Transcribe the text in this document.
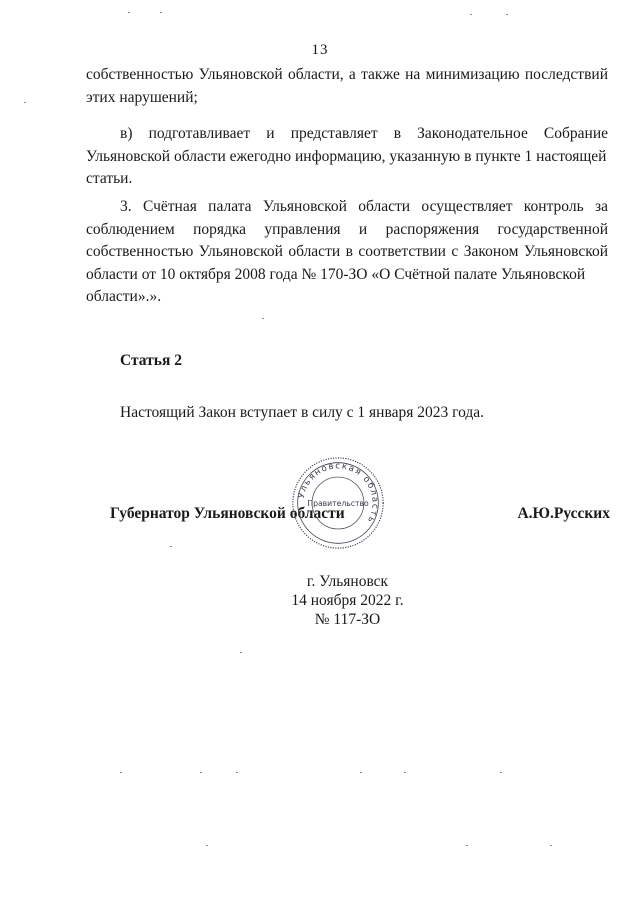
13
собственностью Ульяновской области, а также на минимизацию последствий этих нарушений;
в) подготавливает и представляет в Законодательное Собрание Ульяновской области ежегодно информацию, указанную в пункте 1 настоящей
статьи.
3. Счётная палата Ульяновской области осуществляет контроль за соблюдением порядка управления и распоряжения государственной собственностью Ульяновской области в соответствии с Законом Ульяновской области от 10 октября 2008 года № 170-ЗО «О Счётной палате Ульяновской
области».».
Статья 2
Настоящий Закон вступает в силу с 1 января 2023 года.
Губернатор Ульяновской области	А.Ю.Русских
Ульяновская область
Правительство
г. Ульяновск
14 ноября 2022 г.
№ 117-ЗО
